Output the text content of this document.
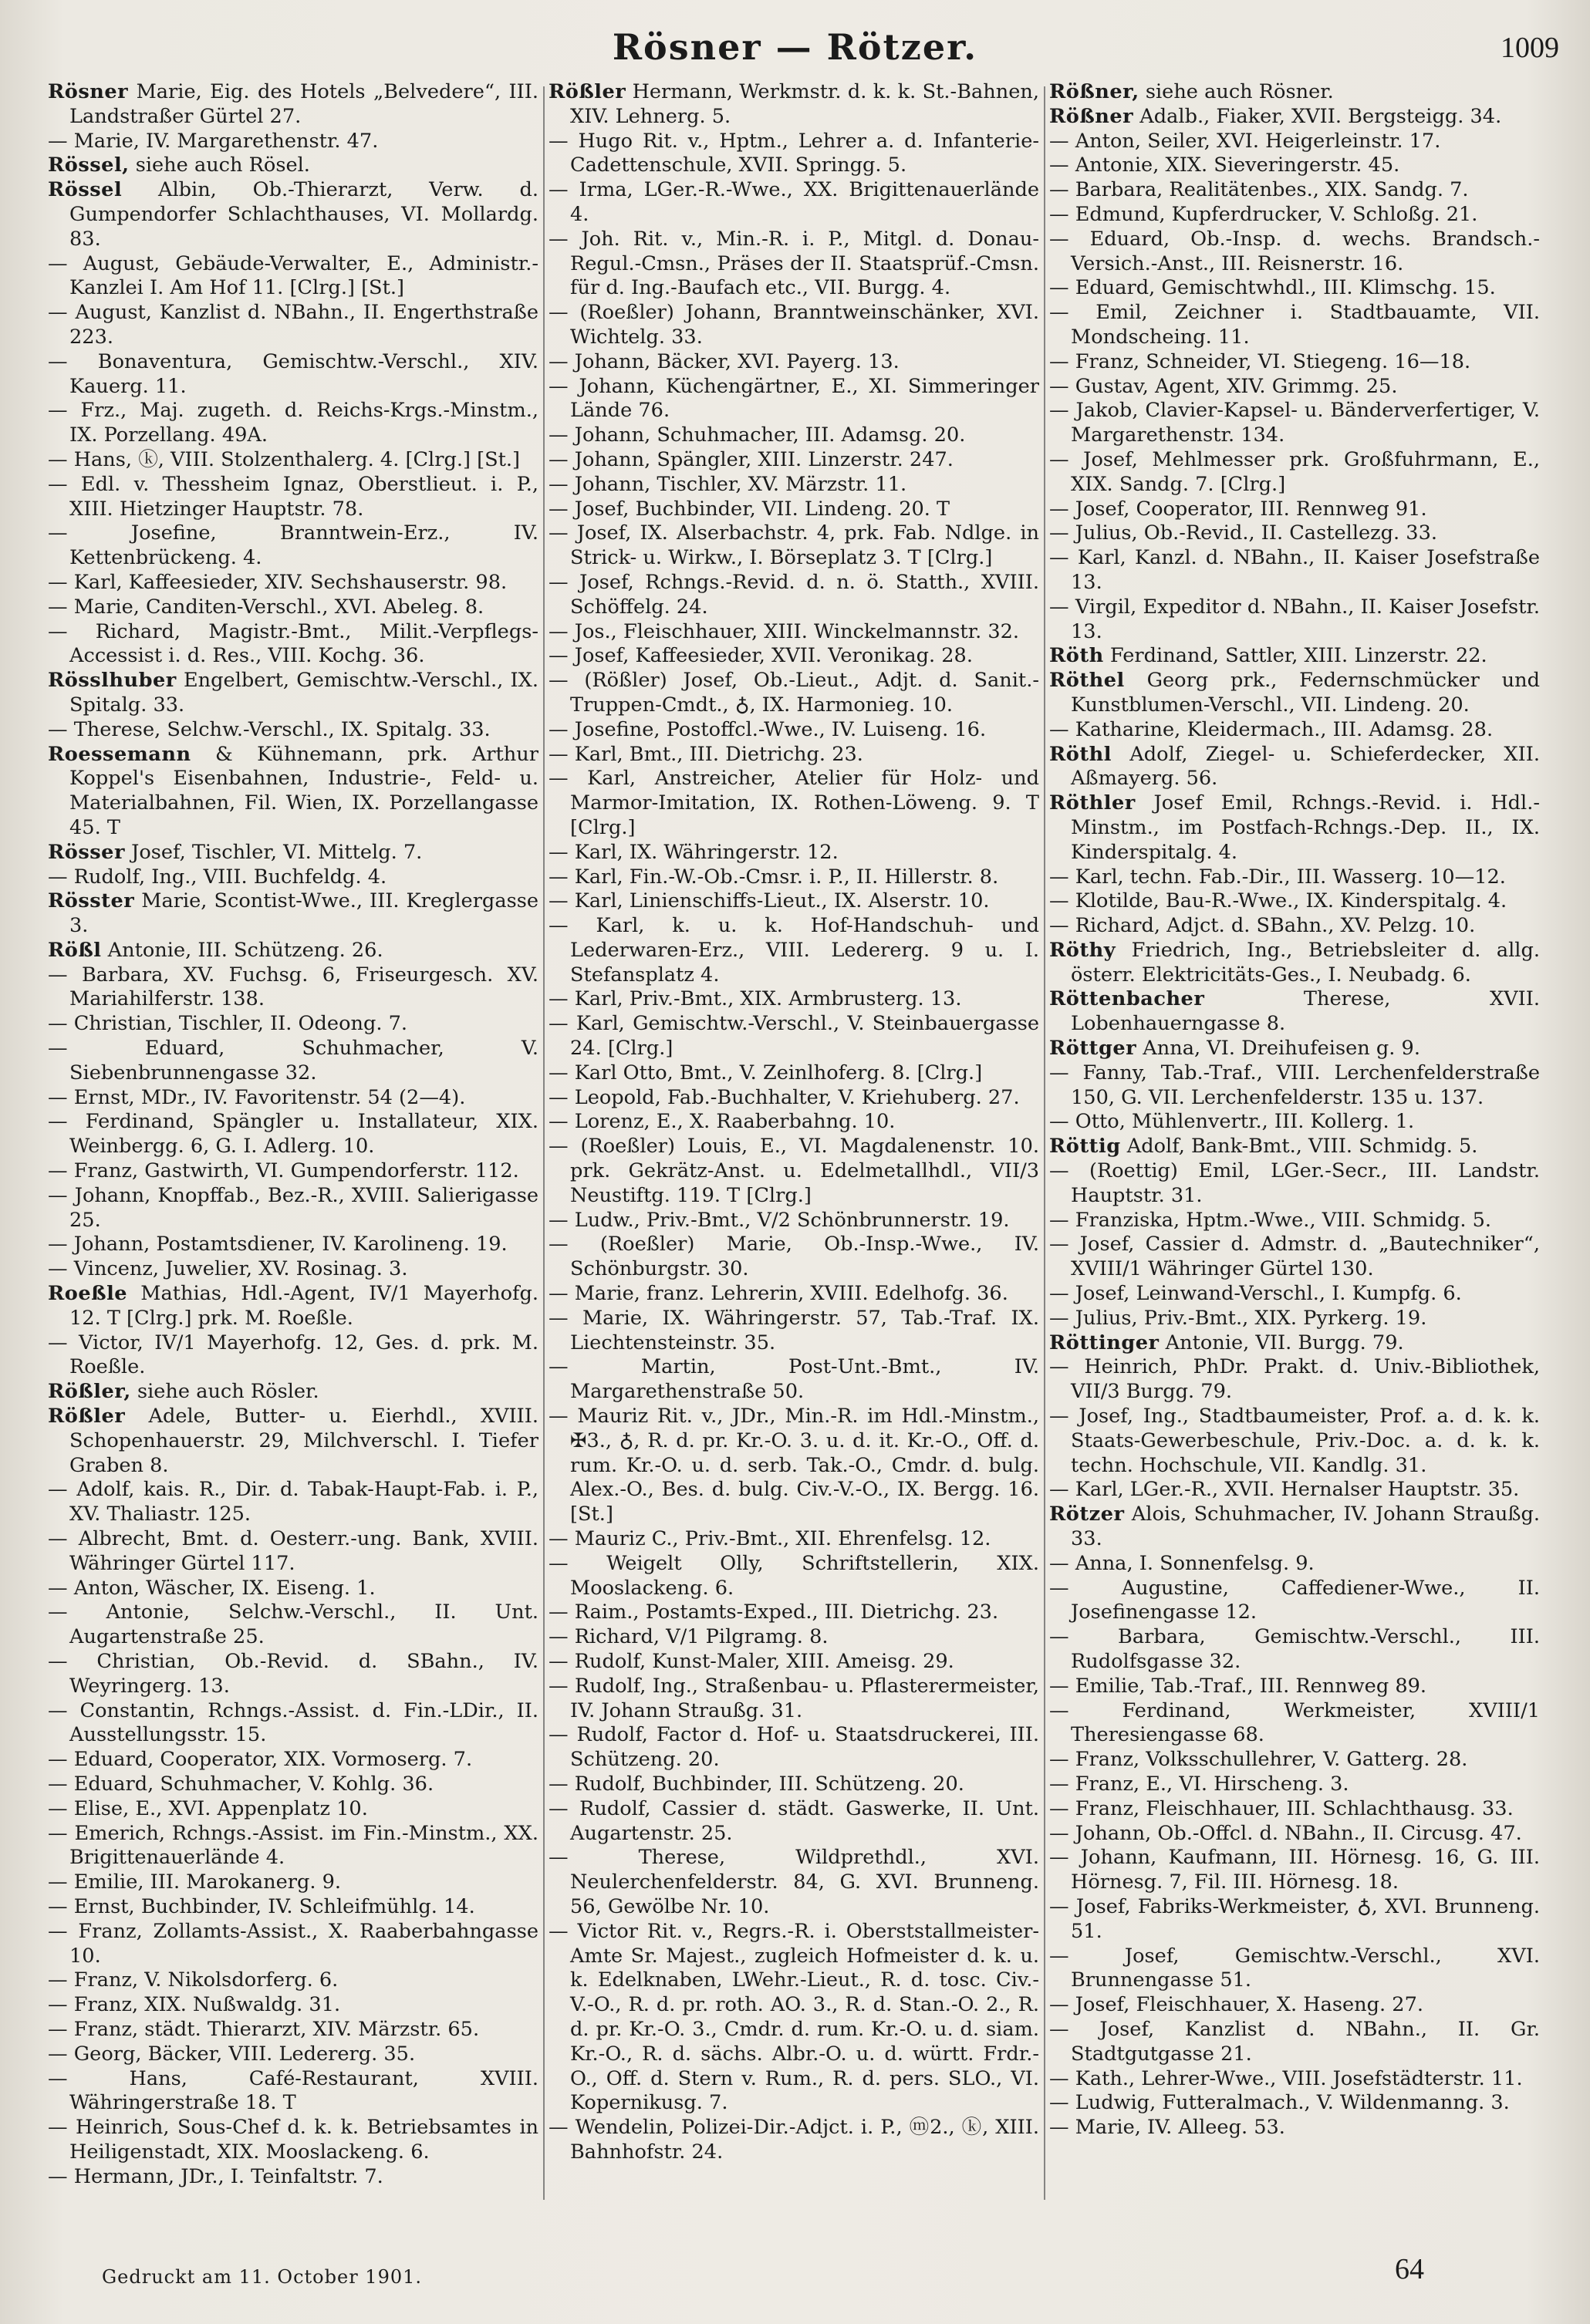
Rösner — Rötzer.	1009

Rösner Marie, Eig. des Hotels „Belvedere“, III. Landstraßer Gürtel 27.

— Marie, IV. Margarethenstr. 47.

Rössel, siehe auch Rösel.

Rössel Albin, Ob.-Thierarzt, Verw. d. Gumpendorfer Schlachthauses, VI. Mollardg. 83.

— August, Gebäude-Verwalter, E., Administr.-Kanzlei I. Am Hof 11. [Clrg.] [St.]

— August, Kanzlist d. NBahn., II. Engerthstraße 223.

— Bonaventura, Gemischtw.-Verschl., XIV. Kauerg. 11.

— Frz., Maj. zugeth. d. Reichs-Krgs.-Minstm., IX. Porzellang. 49A.

— Hans, ⓚ, VIII. Stolzenthalerg. 4. [Clrg.] [St.]

— Edl. v. Thessheim Ignaz, Oberstlieut. i. P., XIII. Hietzinger Hauptstr. 78.

— Josefine, Branntwein-Erz., IV. Kettenbrückeng. 4.

— Karl, Kaffeesieder, XIV. Sechshauserstr. 98.

— Marie, Canditen-Verschl., XVI. Abeleg. 8.

— Richard, Magistr.-Bmt., Milit.-Verpflegs-Accessist i. d. Res., VIII. Kochg. 36.

Rösslhuber Engelbert, Gemischtw.-Verschl., IX. Spitalg. 33.

— Therese, Selchw.-Verschl., IX. Spitalg. 33.

Roessemann & Kühnemann, prk. Arthur Koppel's Eisenbahnen, Industrie-, Feld- u. Materialbahnen, Fil. Wien, IX. Porzellangasse 45. T

Rösser Josef, Tischler, VI. Mittelg. 7.

— Rudolf, Ing., VIII. Buchfeldg. 4.

Rösster Marie, Scontist-Wwe., III. Kreglergasse 3.

Rößl Antonie, III. Schützeng. 26.

— Barbara, XV. Fuchsg. 6, Friseurgesch. XV. Mariahilferstr. 138.

— Christian, Tischler, II. Odeong. 7.

— Eduard, Schuhmacher, V. Siebenbrunnengasse 32.

— Ernst, MDr., IV. Favoritenstr. 54 (2—4).

— Ferdinand, Spängler u. Installateur, XIX. Weinbergg. 6, G. I. Adlerg. 10.

— Franz, Gastwirth, VI. Gumpendorferstr. 112.

— Johann, Knopffab., Bez.-R., XVIII. Salierigasse 25.

— Johann, Postamtsdiener, IV. Karolineng. 19.

— Vincenz, Juwelier, XV. Rosinag. 3.

Roeßle Mathias, Hdl.-Agent, IV/1 Mayerhofg. 12. T [Clrg.] prk. M. Roeßle.

— Victor, IV/1 Mayerhofg. 12, Ges. d. prk. M. Roeßle.

Rößler, siehe auch Rösler.

Rößler Adele, Butter- u. Eierhdl., XVIII. Schopenhauerstr. 29, Milchverschl. I. Tiefer Graben 8.

— Adolf, kais. R., Dir. d. Tabak-Haupt-Fab. i. P., XV. Thaliastr. 125.

— Albrecht, Bmt. d. Oesterr.-ung. Bank, XVIII. Währinger Gürtel 117.

— Anton, Wäscher, IX. Eiseng. 1.

— Antonie, Selchw.-Verschl., II. Unt. Augartenstraße 25.

— Christian, Ob.-Revid. d. SBahn., IV. Weyringerg. 13.

— Constantin, Rchngs.-Assist. d. Fin.-LDir., II. Ausstellungsstr. 15.

— Eduard, Cooperator, XIX. Vormoserg. 7.

— Eduard, Schuhmacher, V. Kohlg. 36.

— Elise, E., XVI. Appenplatz 10.

— Emerich, Rchngs.-Assist. im Fin.-Minstm., XX. Brigittenauerlände 4.

— Emilie, III. Marokanerg. 9.

— Ernst, Buchbinder, IV. Schleifmühlg. 14.

— Franz, Zollamts-Assist., X. Raaberbahngasse 10.

— Franz, V. Nikolsdorferg. 6.

— Franz, XIX. Nußwaldg. 31.

— Franz, städt. Thierarzt, XIV. Märzstr. 65.

— Georg, Bäcker, VIII. Ledererg. 35.

— Hans, Café-Restaurant, XVIII. Währingerstraße 18. T

— Heinrich, Sous-Chef d. k. k. Betriebsamtes in Heiligenstadt, XIX. Mooslackeng. 6.

— Hermann, JDr., I. Teinfaltstr. 7.

Rößler Hermann, Werkmstr. d. k. k. St.-Bahnen, XIV. Lehnerg. 5.

— Hugo Rit. v., Hptm., Lehrer a. d. Infanterie-Cadettenschule, XVII. Springg. 5.

— Irma, LGer.-R.-Wwe., XX. Brigittenauerlände 4.

— Joh. Rit. v., Min.-R. i. P., Mitgl. d. Donau-Regul.-Cmsn., Präses der II. Staatsprüf.-Cmsn. für d. Ing.-Baufach etc., VII. Burgg. 4.

— (Roeßler) Johann, Branntweinschänker, XVI. Wichtelg. 33.

— Johann, Bäcker, XVI. Payerg. 13.

— Johann, Küchengärtner, E., XI. Simmeringer Lände 76.

— Johann, Schuhmacher, III. Adamsg. 20.

— Johann, Spängler, XIII. Linzerstr. 247.

— Johann, Tischler, XV. Märzstr. 11.

— Josef, Buchbinder, VII. Lindeng. 20. T

— Josef, IX. Alserbachstr. 4, prk. Fab. Ndlge. in Strick- u. Wirkw., I. Börseplatz 3. T [Clrg.]

— Josef, Rchngs.-Revid. d. n. ö. Statth., XVIII. Schöffelg. 24.

— Jos., Fleischhauer, XIII. Winckelmannstr. 32.

— Josef, Kaffeesieder, XVII. Veronikag. 28.

— (Rößler) Josef, Ob.-Lieut., Adjt. d. Sanit.-Truppen-Cmdt., ♁, IX. Harmonieg. 10.

— Josefine, Postoffcl.-Wwe., IV. Luiseng. 16.

— Karl, Bmt., III. Dietrichg. 23.

— Karl, Anstreicher, Atelier für Holz- und Marmor-Imitation, IX. Rothen-Löweng. 9. T [Clrg.]

— Karl, IX. Währingerstr. 12.

— Karl, Fin.-W.-Ob.-Cmsr. i. P., II. Hillerstr. 8.

— Karl, Linienschiffs-Lieut., IX. Alserstr. 10.

— Karl, k. u. k. Hof-Handschuh- und Lederwaren-Erz., VIII. Ledererg. 9 u. I. Stefansplatz 4.

— Karl, Priv.-Bmt., XIX. Armbrusterg. 13.

— Karl, Gemischtw.-Verschl., V. Steinbauergasse 24. [Clrg.]

— Karl Otto, Bmt., V. Zeinlhoferg. 8. [Clrg.]

— Leopold, Fab.-Buchhalter, V. Kriehuberg. 27.

— Lorenz, E., X. Raaberbahng. 10.

— (Roeßler) Louis, E., VI. Magdalenenstr. 10. prk. Gekrätz-Anst. u. Edelmetallhdl., VII/3 Neustiftg. 119. T [Clrg.]

— Ludw., Priv.-Bmt., V/2 Schönbrunnerstr. 19.

— (Roeßler) Marie, Ob.-Insp.-Wwe., IV. Schönburgstr. 30.

— Marie, franz. Lehrerin, XVIII. Edelhofg. 36.

— Marie, IX. Währingerstr. 57, Tab.-Traf. IX. Liechtensteinstr. 35.

— Martin, Post-Unt.-Bmt., IV. Margarethenstraße 50.

— Mauriz Rit. v., JDr., Min.-R. im Hdl.-Minstm., ✠3., ♁, R. d. pr. Kr.-O. 3. u. d. it. Kr.-O., Off. d. rum. Kr.-O. u. d. serb. Tak.-O., Cmdr. d. bulg. Alex.-O., Bes. d. bulg. Civ.-V.-O., IX. Bergg. 16. [St.]

— Mauriz C., Priv.-Bmt., XII. Ehrenfelsg. 12.

— Weigelt Olly, Schriftstellerin, XIX. Mooslackeng. 6.

— Raim., Postamts-Exped., III. Dietrichg. 23.

— Richard, V/1 Pilgramg. 8.

— Rudolf, Kunst-Maler, XIII. Ameisg. 29.

— Rudolf, Ing., Straßenbau- u. Pflasterermeister, IV. Johann Straußg. 31.

— Rudolf, Factor d. Hof- u. Staatsdruckerei, III. Schützeng. 20.

— Rudolf, Buchbinder, III. Schützeng. 20.

— Rudolf, Cassier d. städt. Gaswerke, II. Unt. Augartenstr. 25.

— Therese, Wildprethdl., XVI. Neulerchenfelderstr. 84, G. XVI. Brunneng. 56, Gewölbe Nr. 10.

— Victor Rit. v., Regrs.-R. i. Oberststallmeister-Amte Sr. Majest., zugleich Hofmeister d. k. u. k. Edelknaben, LWehr.-Lieut., R. d. tosc. Civ.-V.-O., R. d. pr. roth. AO. 3., R. d. Stan.-O. 2., R. d. pr. Kr.-O. 3., Cmdr. d. rum. Kr.-O. u. d. siam. Kr.-O., R. d. sächs. Albr.-O. u. d. württ. Frdr.-O., Off. d. Stern v. Rum., R. d. pers. SLO., VI. Kopernikusg. 7.

— Wendelin, Polizei-Dir.-Adjct. i. P., ⓜ2., ⓚ, XIII. Bahnhofstr. 24.

Rößner, siehe auch Rösner.

Rößner Adalb., Fiaker, XVII. Bergsteigg. 34.

— Anton, Seiler, XVI. Heigerleinstr. 17.

— Antonie, XIX. Sieveringerstr. 45.

— Barbara, Realitätenbes., XIX. Sandg. 7.

— Edmund, Kupferdrucker, V. Schloßg. 21.

— Eduard, Ob.-Insp. d. wechs. Brandsch.-Versich.-Anst., III. Reisnerstr. 16.

— Eduard, Gemischtwhdl., III. Klimschg. 15.

— Emil, Zeichner i. Stadtbauamte, VII. Mondscheing. 11.

— Franz, Schneider, VI. Stiegeng. 16—18.

— Gustav, Agent, XIV. Grimmg. 25.

— Jakob, Clavier-Kapsel- u. Bänderverfertiger, V. Margarethenstr. 134.

— Josef, Mehlmesser prk. Großfuhrmann, E., XIX. Sandg. 7. [Clrg.]

— Josef, Cooperator, III. Rennweg 91.

— Julius, Ob.-Revid., II. Castellezg. 33.

— Karl, Kanzl. d. NBahn., II. Kaiser Josefstraße 13.

— Virgil, Expeditor d. NBahn., II. Kaiser Josefstr. 13.

Röth Ferdinand, Sattler, XIII. Linzerstr. 22.

Röthel Georg prk., Federnschmücker und Kunstblumen-Verschl., VII. Lindeng. 20.

— Katharine, Kleidermach., III. Adamsg. 28.

Röthl Adolf, Ziegel- u. Schieferdecker, XII. Aßmayerg. 56.

Röthler Josef Emil, Rchngs.-Revid. i. Hdl.-Minstm., im Postfach-Rchngs.-Dep. II., IX. Kinderspitalg. 4.

— Karl, techn. Fab.-Dir., III. Wasserg. 10—12.

— Klotilde, Bau-R.-Wwe., IX. Kinderspitalg. 4.

— Richard, Adjct. d. SBahn., XV. Pelzg. 10.

Röthy Friedrich, Ing., Betriebsleiter d. allg. österr. Elektricitäts-Ges., I. Neubadg. 6.

Röttenbacher Therese, XVII. Lobenhauerngasse 8.

Röttger Anna, VI. Dreihufeisen g. 9.

— Fanny, Tab.-Traf., VIII. Lerchenfelderstraße 150, G. VII. Lerchenfelderstr. 135 u. 137.

— Otto, Mühlenvertr., III. Kollerg. 1.

Röttig Adolf, Bank-Bmt., VIII. Schmidg. 5.

— (Roettig) Emil, LGer.-Secr., III. Landstr. Hauptstr. 31.

— Franziska, Hptm.-Wwe., VIII. Schmidg. 5.

— Josef, Cassier d. Admstr. d. „Bautechniker“, XVIII/1 Währinger Gürtel 130.

— Josef, Leinwand-Verschl., I. Kumpfg. 6.

— Julius, Priv.-Bmt., XIX. Pyrkerg. 19.

Röttinger Antonie, VII. Burgg. 79.

— Heinrich, PhDr. Prakt. d. Univ.-Bibliothek, VII/3 Burgg. 79.

— Josef, Ing., Stadtbaumeister, Prof. a. d. k. k. Staats-Gewerbeschule, Priv.-Doc. a. d. k. k. techn. Hochschule, VII. Kandlg. 31.

— Karl, LGer.-R., XVII. Hernalser Hauptstr. 35.

Rötzer Alois, Schuhmacher, IV. Johann Straußg. 33.

— Anna, I. Sonnenfelsg. 9.

— Augustine, Caffediener-Wwe., II. Josefinengasse 12.

— Barbara, Gemischtw.-Verschl., III. Rudolfsgasse 32.

— Emilie, Tab.-Traf., III. Rennweg 89.

— Ferdinand, Werkmeister, XVIII/1 Theresiengasse 68.

— Franz, Volksschullehrer, V. Gatterg. 28.

— Franz, E., VI. Hirscheng. 3.

— Franz, Fleischhauer, III. Schlachthausg. 33.

— Johann, Ob.-Offcl. d. NBahn., II. Circusg. 47.

— Johann, Kaufmann, III. Hörnesg. 16, G. III. Hörnesg. 7, Fil. III. Hörnesg. 18.

— Josef, Fabriks-Werkmeister, ♁, XVI. Brunneng. 51.

— Josef, Gemischtw.-Verschl., XVI. Brunnengasse 51.

— Josef, Fleischhauer, X. Haseng. 27.

— Josef, Kanzlist d. NBahn., II. Gr. Stadtgutgasse 21.

— Kath., Lehrer-Wwe., VIII. Josefstädterstr. 11.

— Ludwig, Futteralmach., V. Wildenmanng. 3.

— Marie, IV. Alleeg. 53.

Gedruckt am 11. October 1901.	64
